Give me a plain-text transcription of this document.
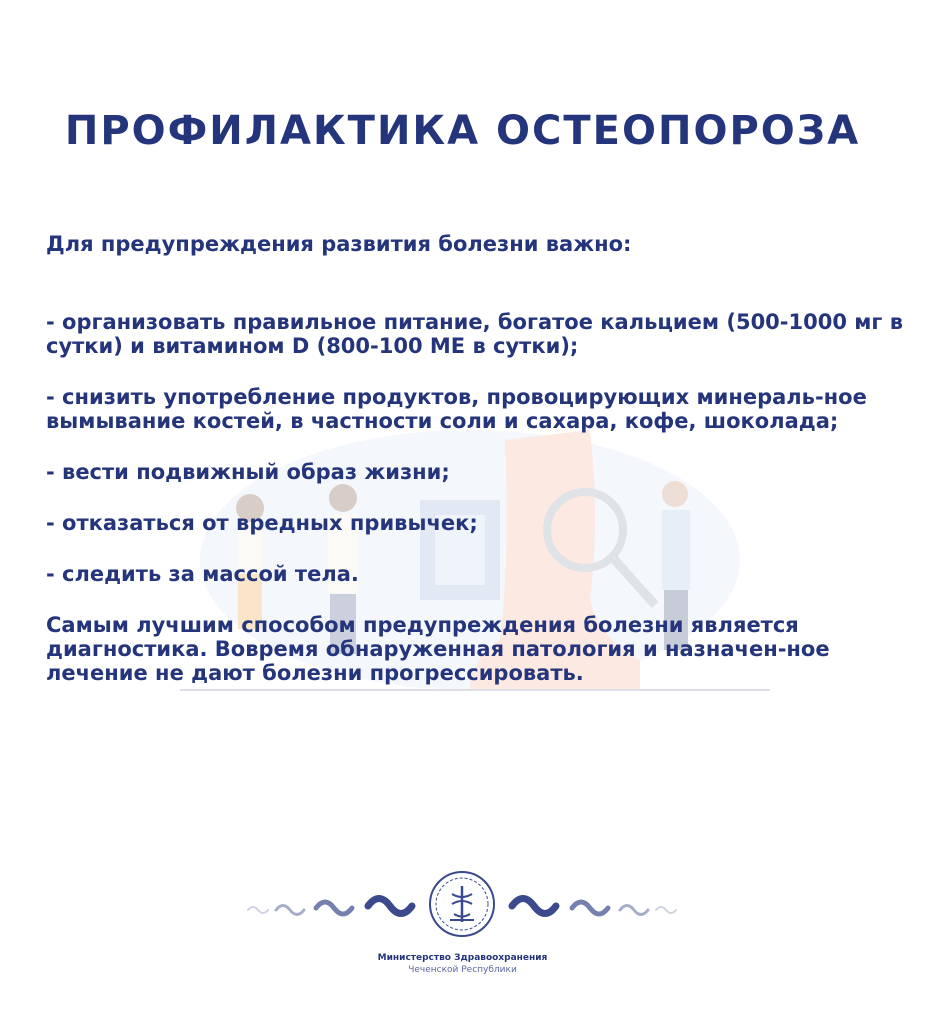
ПРОФИЛАКТИКА ОСТЕОПОРОЗА

Для предупреждения развития болезни важно:

- организовать правильное питание, богатое кальцием (500-1000 мг в сутки) и витамином D (800-100 МЕ в сутки);

- снизить употребление продуктов, провоцирующих минераль-ное вымывание костей, в частности соли и сахара, кофе, шоколада;

- вести подвижный образ жизни;

- отказаться от вредных привычек;

- следить за массой тела.

Самым лучшим способом предупреждения болезни является диагностика. Вовремя обнаруженная патология и назначен-ное лечение не дают болезни прогрессировать.

Министерство Здравоохранения
Чеченской Республики
